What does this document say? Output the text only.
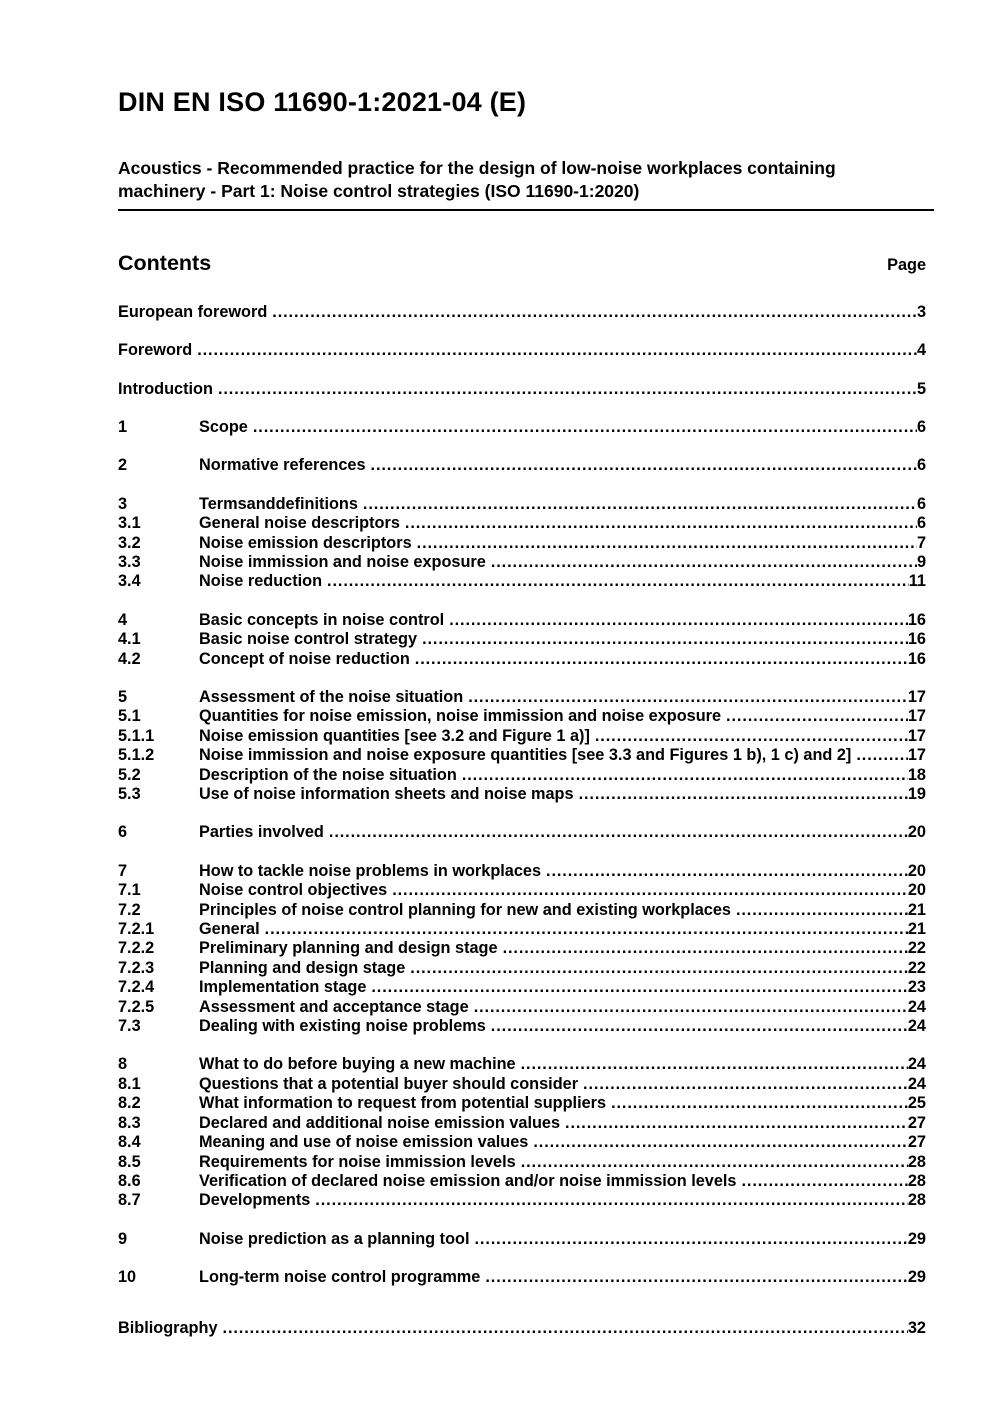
DIN EN ISO 11690-1:2021-04 (E)
Acoustics - Recommended practice for the design of low-noise workplaces containing machinery - Part 1: Noise control strategies (ISO 11690-1:2020)
Contents	Page
European foreword .....	3
Foreword .....	4
Introduction .....	5
1	Scope .....	6
2	Normative references .....	6
3	Termsanddefinitions .....	6
3.1	General noise descriptors .....	6
3.2	Noise emission descriptors .....	7
3.3	Noise immission and noise exposure .....	9
3.4	Noise reduction .....	11
4	Basic concepts in noise control .....	16
4.1	Basic noise control strategy .....	16
4.2	Concept of noise reduction .....	16
5	Assessment of the noise situation .....	17
5.1	Quantities for noise emission, noise immission and noise exposure .....	17
5.1.1	Noise emission quantities [see 3.2 and Figure 1 a)] .....	17
5.1.2	Noise immission and noise exposure quantities [see 3.3 and Figures 1 b), 1 c) and 2] .....	17
5.2	Description of the noise situation .....	18
5.3	Use of noise information sheets and noise maps .....	19
6	Parties involved .....	20
7	How to tackle noise problems in workplaces .....	20
7.1	Noise control objectives .....	20
7.2	Principles of noise control planning for new and existing workplaces .....	21
7.2.1	General .....	21
7.2.2	Preliminary planning and design stage .....	22
7.2.3	Planning and design stage .....	22
7.2.4	Implementation stage .....	23
7.2.5	Assessment and acceptance stage .....	24
7.3	Dealing with existing noise problems .....	24
8	What to do before buying a new machine .....	24
8.1	Questions that a potential buyer should consider .....	24
8.2	What information to request from potential suppliers .....	25
8.3	Declared and additional noise emission values .....	27
8.4	Meaning and use of noise emission values .....	27
8.5	Requirements for noise immission levels .....	28
8.6	Verification of declared noise emission and/or noise immission levels .....	28
8.7	Developments .....	28
9	Noise prediction as a planning tool .....	29
10	Long-term noise control programme .....	29
Bibliography .....	32
